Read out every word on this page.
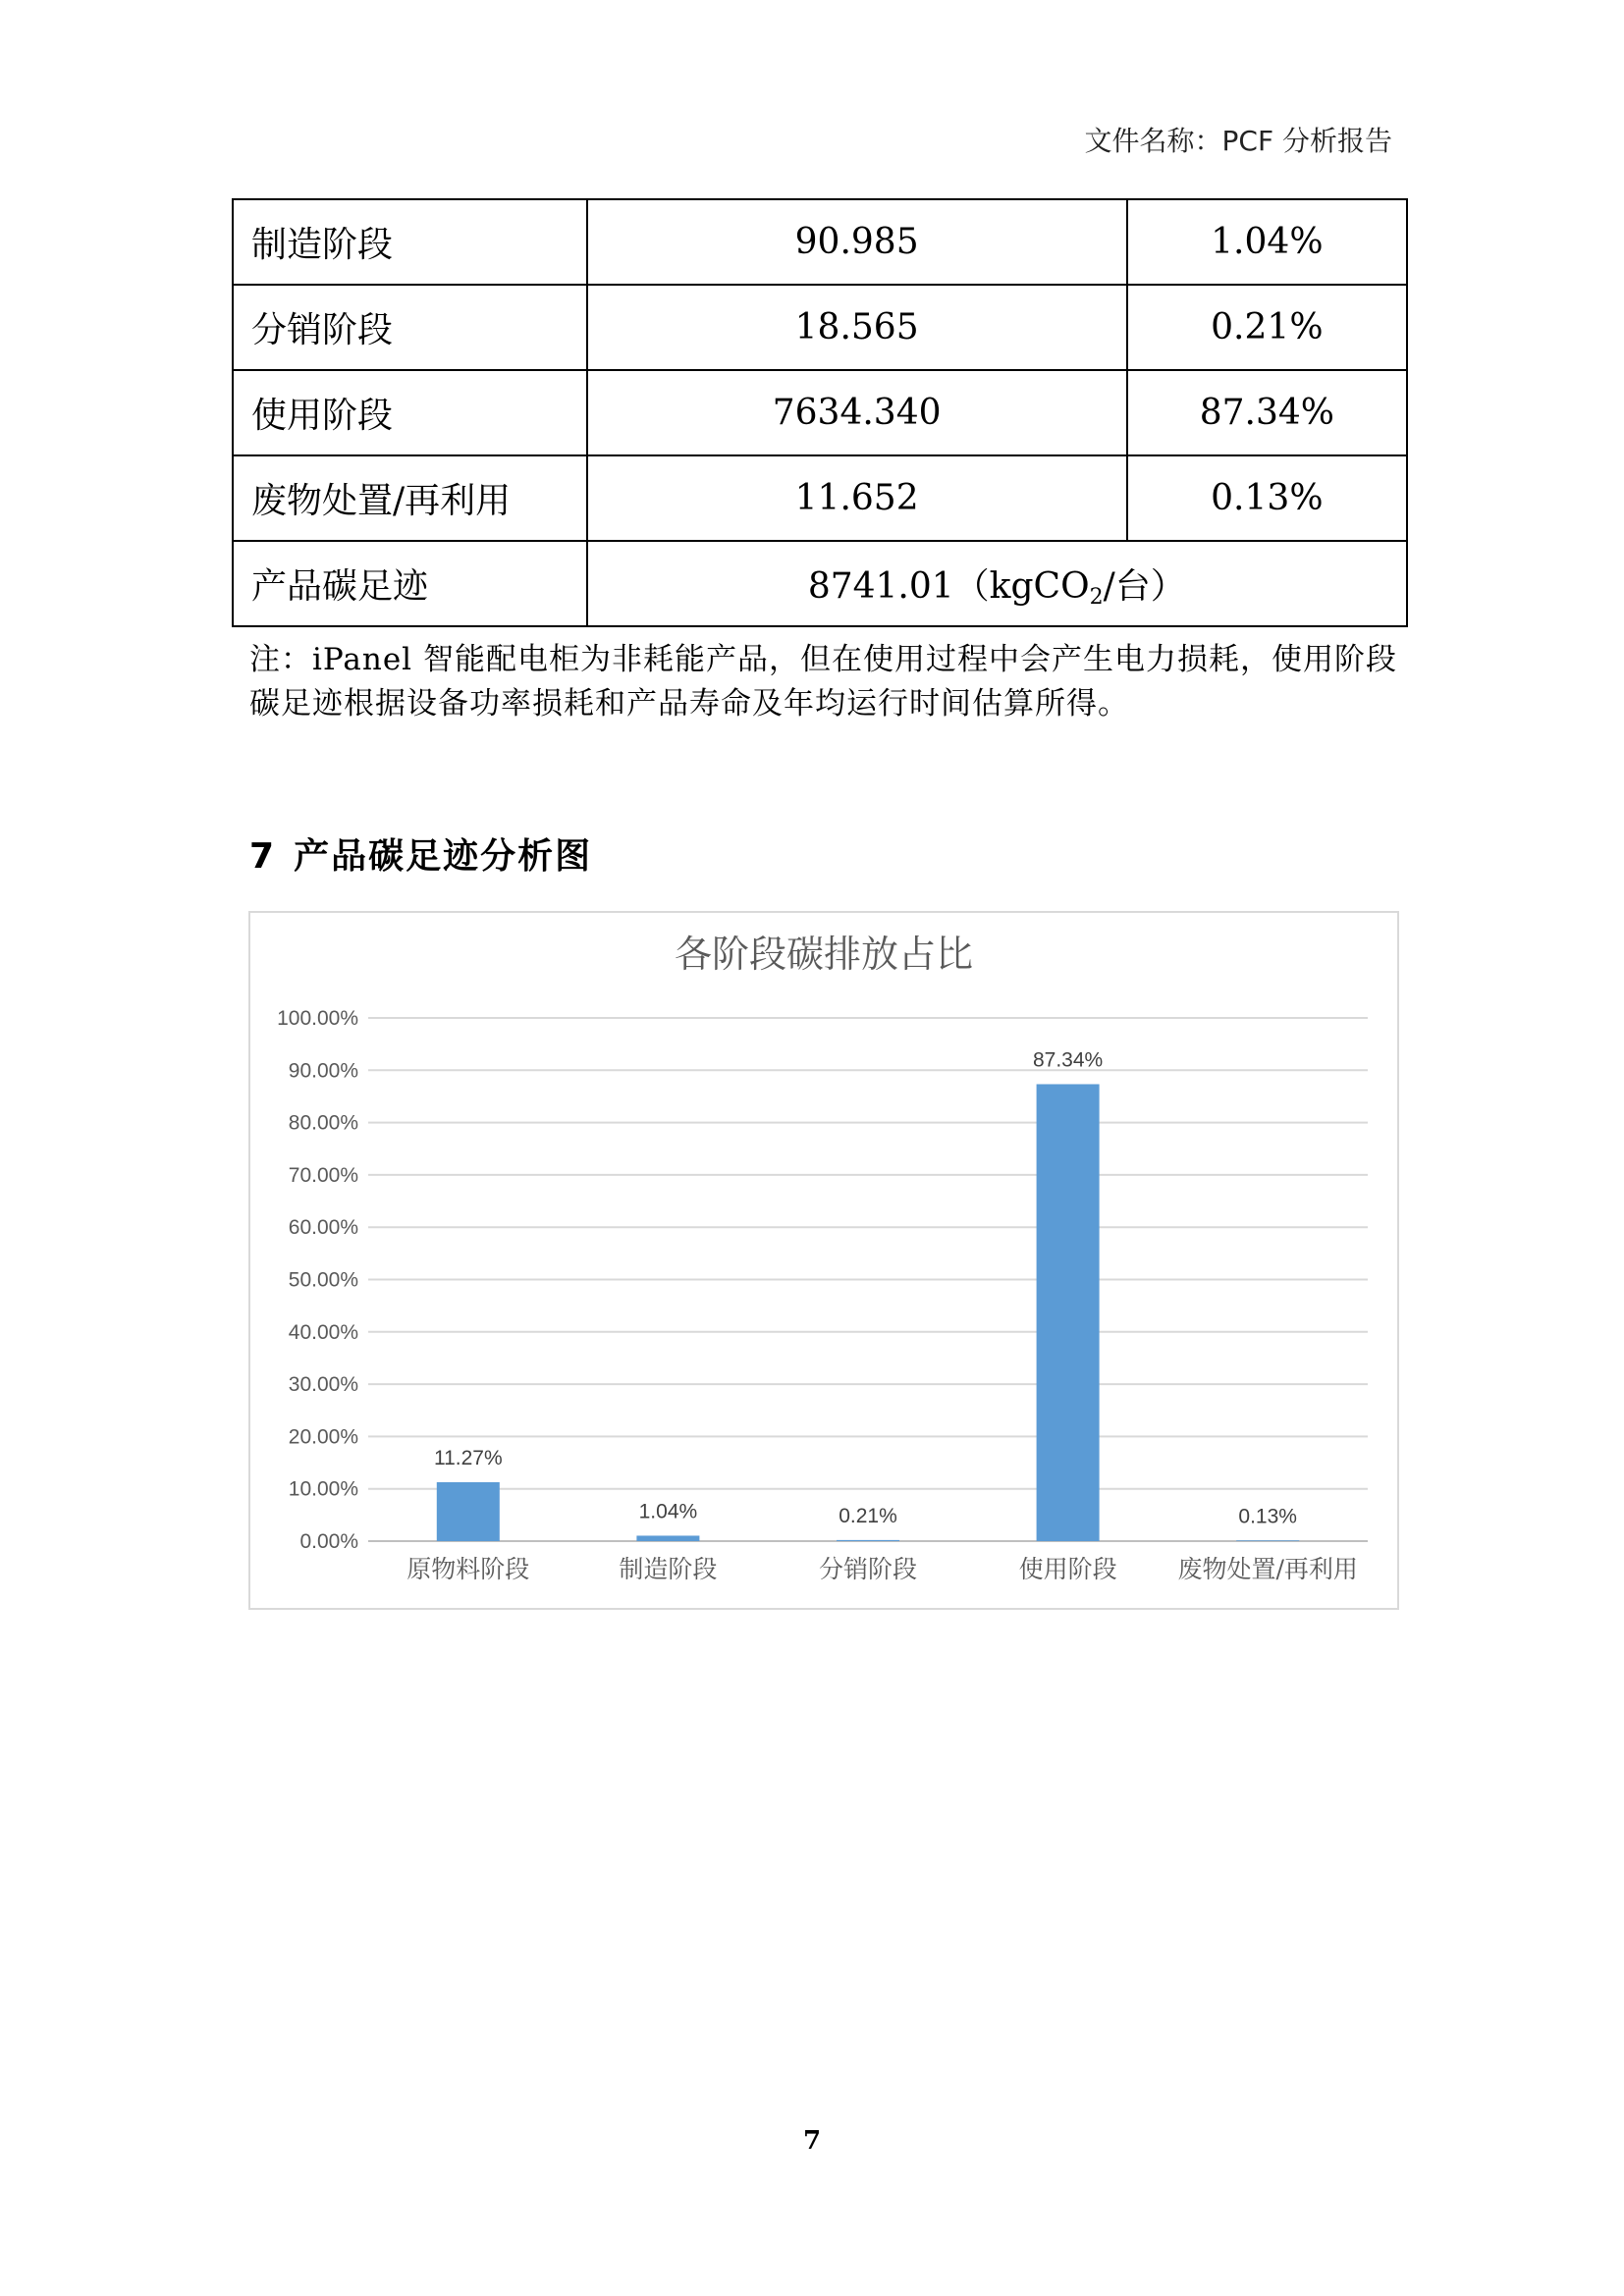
文件名称：PCF 分析报告
制造阶段	90.985	1.04%
分销阶段	18.565	0.21%
使用阶段	7634.340	87.34%
废物处置/再利用	11.652	0.13%
产品碳足迹	8741.01（kgCO$_2$/台）	
注：iPanel 智能配电柜为非耗能产品，但在使用过程中会产生电力损耗，使用阶段碳足迹根据设备功率损耗和产品寿命及年均运行时间估算所得。
7 产品碳足迹分析图
各阶段碳排放占比
0.00%
10.00%
20.00%
30.00%
40.00%
50.00%
60.00%
70.00%
80.00%
90.00%
100.00%
11.27%
原物料阶段
1.04%
制造阶段
0.21%
分销阶段
87.34%
使用阶段
0.13%
废物处置/再利用
7
